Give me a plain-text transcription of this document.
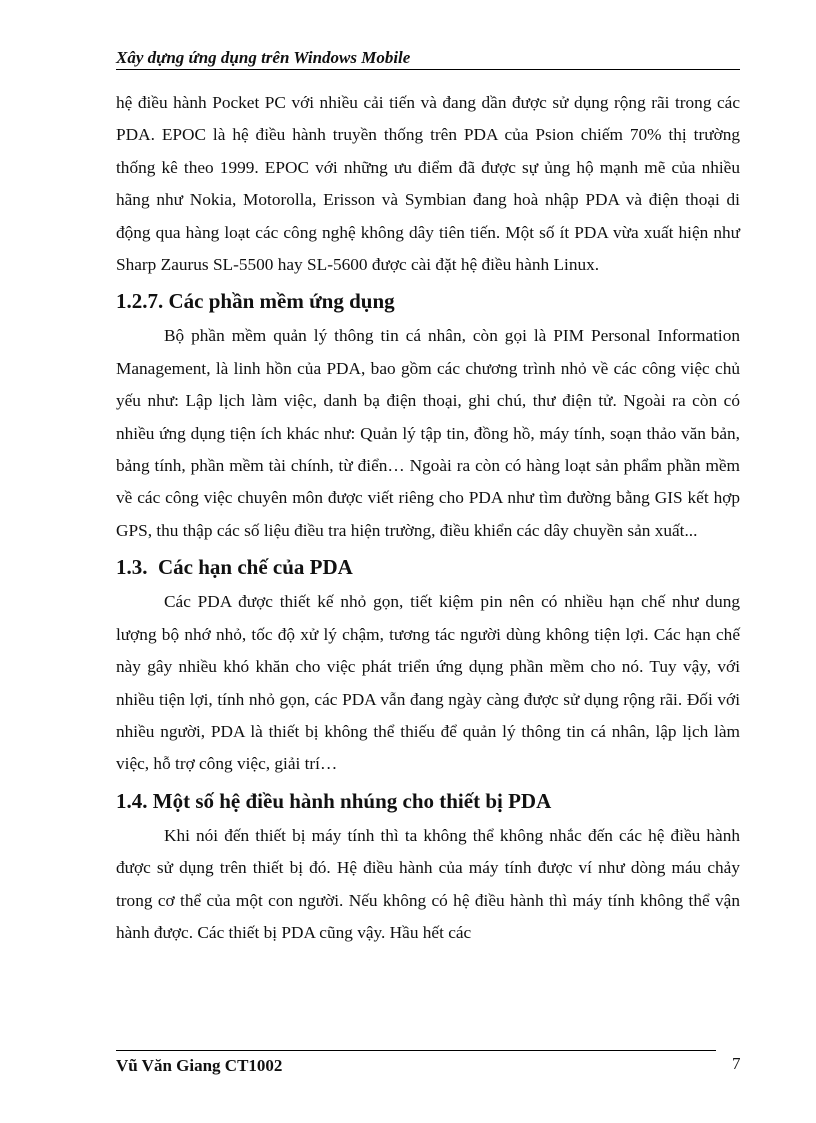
Xây dựng ứng dụng trên Windows Mobile

hệ điều hành Pocket PC với nhiều cải tiến và đang dần được sử dụng rộng rãi trong các PDA. EPOC là hệ điều hành truyền thống trên PDA của Psion chiếm 70% thị trường thống kê theo 1999. EPOC với những ưu điểm đã được sự ủng hộ mạnh mẽ của nhiều hãng như Nokia, Motorolla, Erisson và Symbian đang hoà nhập PDA và điện thoại di động qua hàng loạt các công nghệ không dây tiên tiến. Một số ít PDA vừa xuất hiện như Sharp Zaurus SL-5500 hay SL-5600 được cài đặt hệ điều hành Linux.

1.2.7. Các phần mềm ứng dụng

Bộ phần mềm quản lý thông tin cá nhân, còn gọi là PIM Personal Information Management, là linh hồn của PDA, bao gồm các chương trình nhỏ về các công việc chủ yếu như: Lập lịch làm việc, danh bạ điện thoại, ghi chú, thư điện tử. Ngoài ra còn có nhiều ứng dụng tiện ích khác như: Quản lý tập tin, đồng hồ, máy tính, soạn thảo văn bản, bảng tính, phần mềm tài chính, từ điển… Ngoài ra còn có hàng loạt sản phẩm phần mềm về các công việc chuyên môn được viết riêng cho PDA như tìm đường bằng GIS kết hợp GPS, thu thập các số liệu điều tra hiện trường, điều khiển các dây chuyền sản xuất...

1.3.  Các hạn chế của PDA

Các PDA được thiết kế nhỏ gọn, tiết kiệm pin nên có nhiều hạn chế như dung lượng bộ nhớ nhỏ, tốc độ xử lý chậm, tương tác người dùng không tiện lợi. Các hạn chế này gây nhiều khó khăn cho việc phát triển ứng dụng phần mềm cho nó. Tuy vậy, với nhiều tiện lợi, tính nhỏ gọn, các PDA vẫn đang ngày càng được sử dụng rộng rãi. Đối với nhiều người, PDA là thiết bị không thể thiếu để quản lý thông tin cá nhân, lập lịch làm việc, hỗ trợ công việc, giải trí…

1.4. Một số hệ điều hành nhúng cho thiết bị PDA

Khi nói đến thiết bị máy tính thì ta không thể không nhắc đến các hệ điều hành được sử dụng trên thiết bị đó. Hệ điều hành của máy tính được ví như dòng máu chảy trong cơ thể của một con người. Nếu không có hệ điều hành thì máy tính không thể vận hành được. Các thiết bị PDA cũng vậy. Hầu hết các

Vũ Văn Giang CT1002	7
